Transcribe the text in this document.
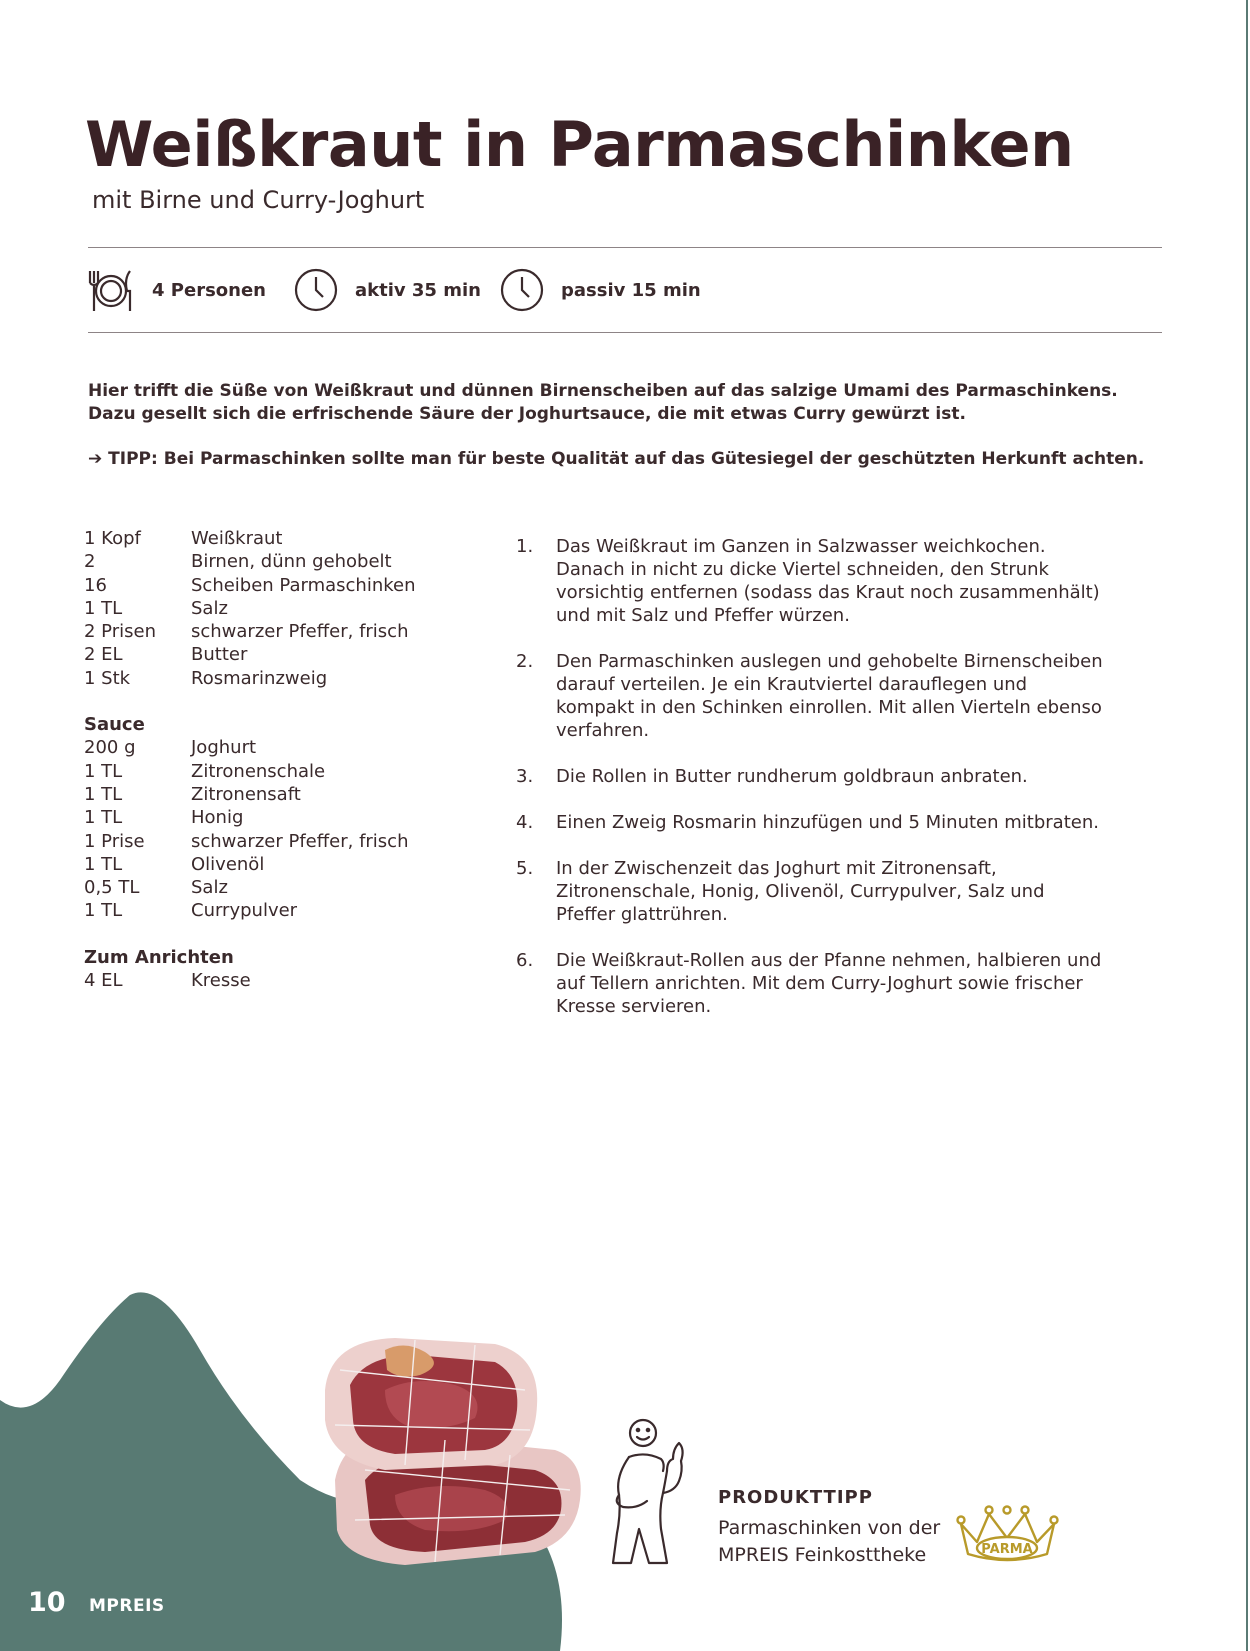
Weißkraut in Parmaschinken
mit Birne und Curry-Joghurt
4 Personen	aktiv 35 min	passiv 15 min
Hier trifft die Süße von Weißkraut und dünnen Birnenscheiben auf das salzige Umami des Parmaschinkens.
Dazu gesellt sich die erfrischende Säure der Joghurtsauce, die mit etwas Curry gewürzt ist.
➔ TIPP: Bei Parmaschinken sollte man für beste Qualität auf das Gütesiegel der geschützten Herkunft achten.
1 Kopf	Weißkraut
2	Birnen, dünn gehobelt
16	Scheiben Parmaschinken
1 TL	Salz
2 Prisen	schwarzer Pfeffer, frisch
2 EL	Butter
1 Stk	Rosmarinzweig
Sauce
200 g	Joghurt
1 TL	Zitronenschale
1 TL	Zitronensaft
1 TL	Honig
1 Prise	schwarzer Pfeffer, frisch
1 TL	Olivenöl
0,5 TL	Salz
1 TL	Currypulver
Zum Anrichten
4 EL	Kresse
1.	Das Weißkraut im Ganzen in Salzwasser weichkochen. Danach in nicht zu dicke Viertel schneiden, den Strunk vorsichtig entfernen (sodass das Kraut noch zusammenhält) und mit Salz und Pfeffer würzen.
2.	Den Parmaschinken auslegen und gehobelte Birnenscheiben darauf verteilen. Je ein Krautviertel darauflegen und kompakt in den Schinken einrollen. Mit allen Vierteln ebenso verfahren.
3.	Die Rollen in Butter rundherum goldbraun anbraten.
4.	Einen Zweig Rosmarin hinzufügen und 5 Minuten mitbraten.
5.	In der Zwischenzeit das Joghurt mit Zitronensaft, Zitronenschale, Honig, Olivenöl, Currypulver, Salz und Pfeffer glattrühren.
6.	Die Weißkraut-Rollen aus der Pfanne nehmen, halbieren und auf Tellern anrichten. Mit dem Curry-Joghurt sowie frischer Kresse servieren.
10 MPREIS
PRODUKTTIPP
Parmaschinken von der
MPREIS Feinkosttheke	PARMA
